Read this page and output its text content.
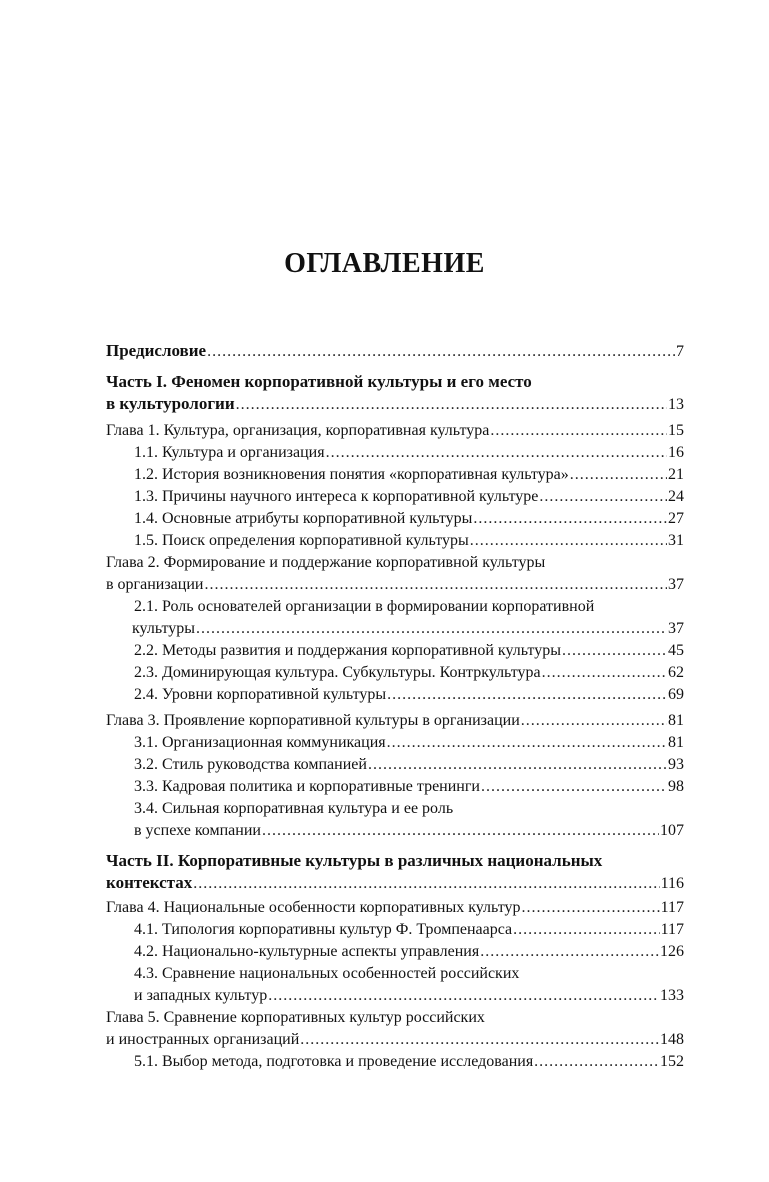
ОГЛАВЛЕНИЕ
Предисловие .....	7
Часть I. Феномен корпоративной культуры и его место
в культурологии .....	13
Глава 1. Культура, организация, корпоративная культура .....	15
1.1. Культура и организация .....	16
1.2. История возникновения понятия «корпоративная культура» .....	21
1.3. Причины научного интереса к корпоративной культуре .....	24
1.4. Основные атрибуты корпоративной культуры .....	27
1.5. Поиск определения корпоративной культуры .....	31
Глава 2. Формирование и поддержание корпоративной культуры
в организации .....	37
2.1. Роль основателей организации в формировании корпоративной
культуры .....	37
2.2. Методы развития и поддержания корпоративной культуры .....	45
2.3. Доминирующая культура. Субкультуры. Контркультура .....	62
2.4. Уровни корпоративной культуры .....	69
Глава 3. Проявление корпоративной культуры в организации .....	81
3.1. Организационная коммуникация .....	81
3.2. Стиль руководства компанией .....	93
3.3. Кадровая политика и корпоративные тренинги .....	98
3.4. Сильная корпоративная культура и ее роль
в успехе компании .....	107
Часть II. Корпоративные культуры в различных национальных
контекстах .....	116
Глава 4. Национальные особенности корпоративных культур .....	117
4.1. Типология корпоративны культур Ф. Тромпенаарса .....	117
4.2. Национально-культурные аспекты управления .....	126
4.3. Сравнение национальных особенностей российских
и западных культур .....	133
Глава 5. Сравнение корпоративных культур российских
и иностранных организаций .....	148
5.1. Выбор метода, подготовка и проведение исследования .....	152
